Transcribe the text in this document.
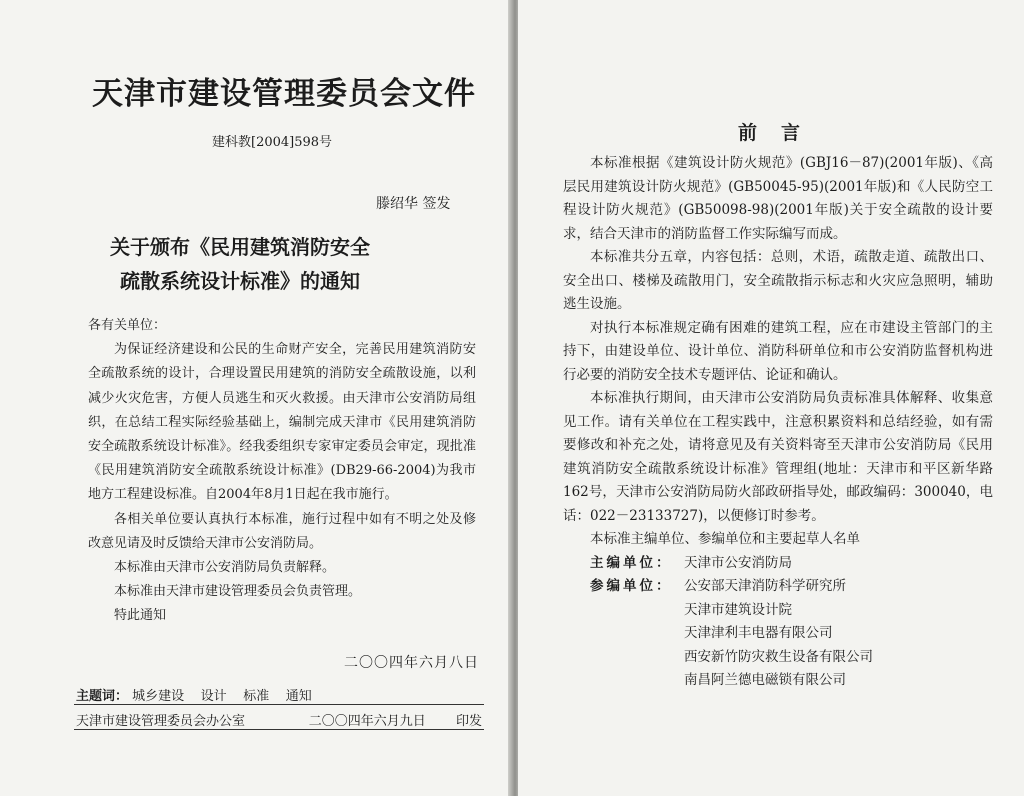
天津市建设管理委员会文件
建科教[2004]598号
滕绍华 签发
关于颁布《民用建筑消防安全
疏散系统设计标准》的通知

各有关单位：

为保证经济建设和公民的生命财产安全，完善民用建筑消防安全疏散系统的设计，合理设置民用建筑的消防安全疏散设施，以利减少火灾危害，方便人员逃生和灭火救援。由天津市公安消防局组织，在总结工程实际经验基础上，编制完成天津市《民用建筑消防安全疏散系统设计标准》。经我委组织专家审定委员会审定，现批准《民用建筑消防安全疏散系统设计标准》(DB29-66-2004)为我市地方工程建设标准。自2004年8月1日起在我市施行。

各相关单位要认真执行本标准，施行过程中如有不明之处及修改意见请及时反馈给天津市公安消防局。

本标准由天津市公安消防局负责解释。

本标准由天津市建设管理委员会负责管理。

特此通知

二〇〇四年六月八日
主题词： 城乡建设    设计    标准    通知
天津市建设管理委员会办公室	二〇〇四年六月九日 印发
前言

本标准根据《建筑设计防火规范》(GBJ16－87)(2001年版)、《高层民用建筑设计防火规范》(GB50045-95)(2001年版)和《人民防空工程设计防火规范》(GB50098-98)(2001年版)关于安全疏散的设计要求，结合天津市的消防监督工作实际编写而成。

本标准共分五章，内容包括：总则，术语，疏散走道、疏散出口、安全出口、楼梯及疏散用门，安全疏散指示标志和火灾应急照明，辅助逃生设施。

对执行本标准规定确有困难的建筑工程，应在市建设主管部门的主持下，由建设单位、设计单位、消防科研单位和市公安消防监督机构进行必要的消防安全技术专题评估、论证和确认。

本标准执行期间，由天津市公安消防局负责标准具体解释、收集意见工作。请有关单位在工程实践中，注意积累资料和总结经验，如有需要修改和补充之处，请将意见及有关资料寄至天津市公安消防局《民用建筑消防安全疏散系统设计标准》管理组(地址：天津市和平区新华路162号，天津市公安消防局防火部政研指导处，邮政编码：300040，电话：022－23133727)，以便修订时参考。

本标准主编单位、参编单位和主要起草人名单

主编单位： 天津市公安消防局
参编单位： 公安部天津消防科学研究所
天津市建筑设计院
天津津利丰电器有限公司
西安新竹防灾救生设备有限公司
南昌阿兰德电磁锁有限公司
